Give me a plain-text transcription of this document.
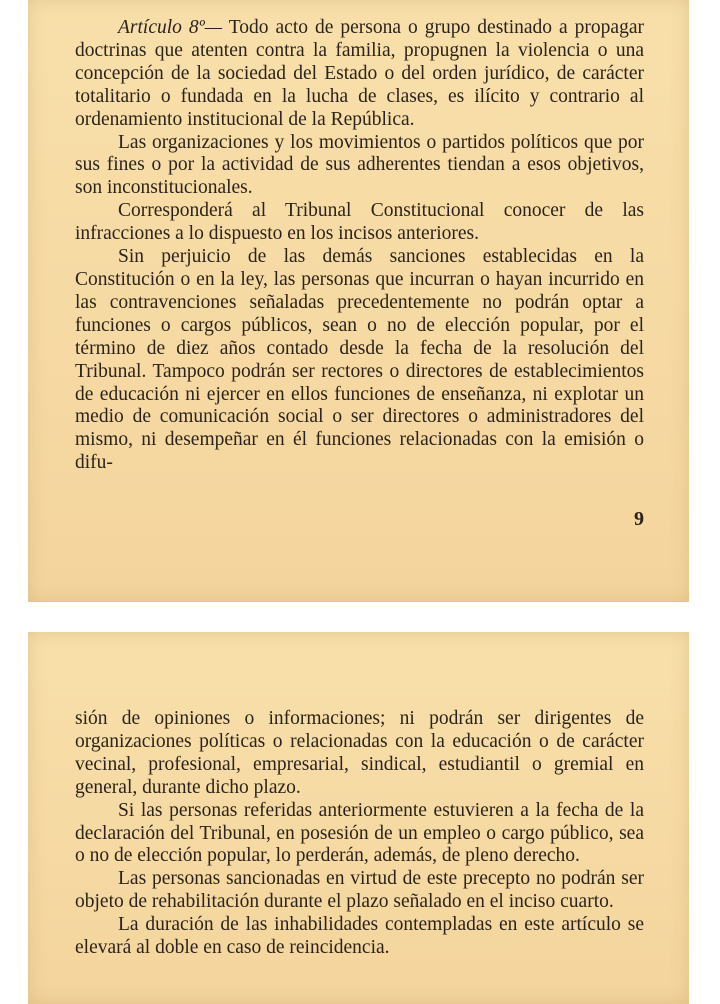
Artículo 8º— Todo acto de persona o grupo destinado a propagar doctrinas que atenten contra la familia, propugnen la violencia o una concepción de la sociedad del Estado o del orden jurídico, de carácter totalitario o fundada en la lucha de clases, es ilícito y contrario al ordenamiento institucional de la República.

Las organizaciones y los movimientos o partidos políticos que por sus fines o por la actividad de sus adherentes tiendan a esos objetivos, son inconstitucionales.

Corresponderá al Tribunal Constitucional conocer de las infracciones a lo dispuesto en los incisos anteriores.

Sin perjuicio de las demás sanciones establecidas en la Constitución o en la ley, las personas que incurran o hayan incurrido en las contravenciones señaladas precedentemente no podrán optar a funciones o cargos públicos, sean o no de elección popular, por el término de diez años contado desde la fecha de la resolución del Tribunal. Tampoco podrán ser rectores o directores de establecimientos de educación ni ejercer en ellos funciones de enseñanza, ni explotar un medio de comunicación social o ser directores o administradores del mismo, ni desempeñar en él funciones relacionadas con la emisión o difu-

9

sión de opiniones o informaciones; ni podrán ser dirigentes de organizaciones políticas o relacionadas con la educación o de carácter vecinal, profesional, empresarial, sindical, estudiantil o gremial en general, durante dicho plazo.

Si las personas referidas anteriormente estuvieren a la fecha de la declaración del Tribunal, en posesión de un empleo o cargo público, sea o no de elección popular, lo perderán, además, de pleno derecho.

Las personas sancionadas en virtud de este precepto no podrán ser objeto de rehabilitación durante el plazo señalado en el inciso cuarto.

La duración de las inhabilidades contempladas en este artículo se elevará al doble en caso de reincidencia.
